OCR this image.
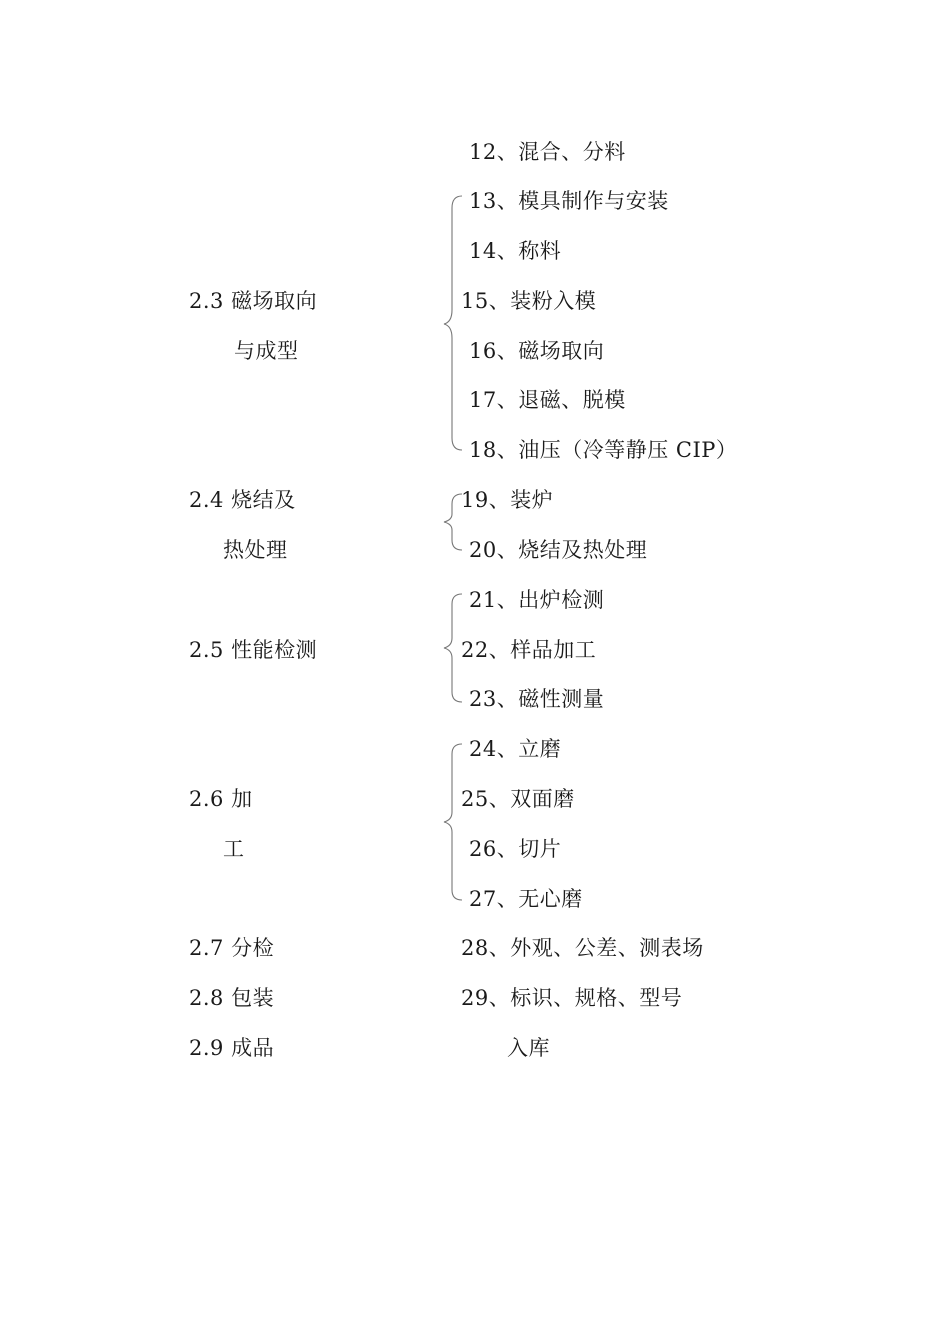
2.3 磁场取向
与成型
2.4 烧结及
热处理
2.5 性能检测
2.6 加
工
2.7 分检
2.8 包装
2.9 成品
12、混合、分料
13、模具制作与安装
14、称料
15、装粉入模
16、磁场取向
17、退磁、脱模
18、油压（冷等静压 CIP）
19、装炉
20、烧结及热处理
21、出炉检测
22、样品加工
23、磁性测量
24、立磨
25、双面磨
26、切片
27、无心磨
28、外观、公差、测表场
29、标识、规格、型号
入库
